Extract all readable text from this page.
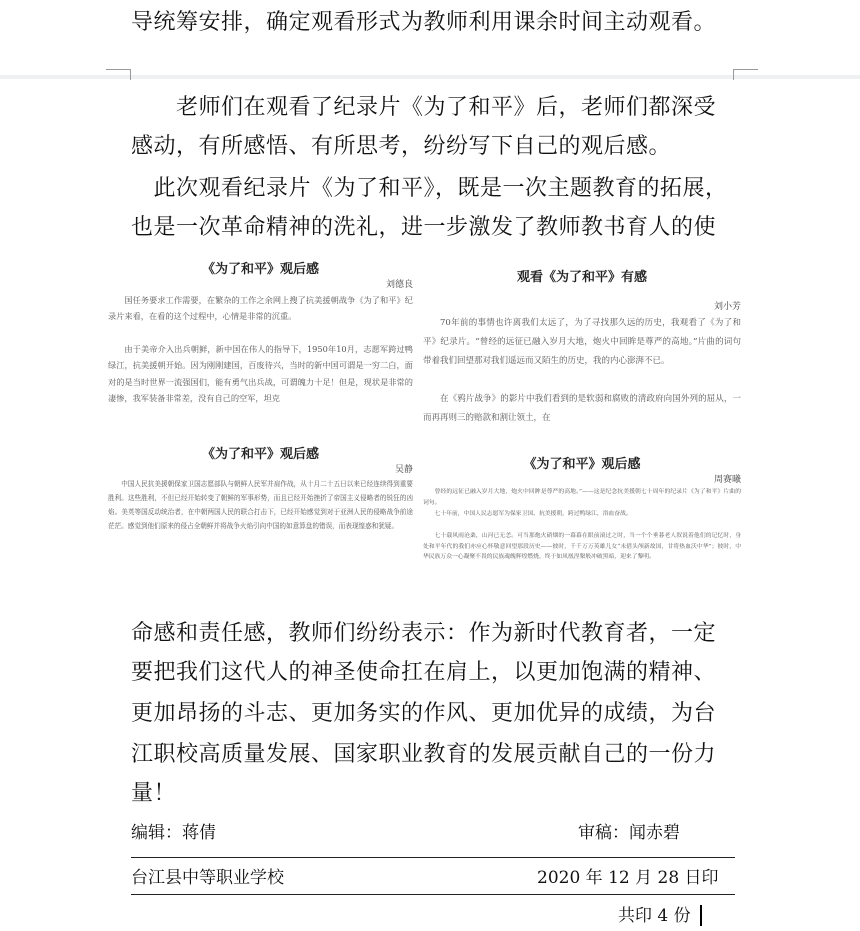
导统筹安排，确定观看形式为教师利用课余时间主动观看。
　　老师们在观看了纪录片《为了和平》后，老师们都深受
感动，有所感悟、有所思考，纷纷写下自己的观后感。
　此次观看纪录片《为了和平》，既是一次主题教育的拓展，
也是一次革命精神的洗礼，进一步激发了教师教书育人的使
《为了和平》观后感
刘德良
国任务要求工作需要，在繁杂的工作之余网上搜了抗美援朝战争《为了和平》纪录片来看，在看的这个过程中，心情是非常的沉重。
由于美帝介入出兵朝鲜，新中国在伟人的指导下，1950年10月，志愿军跨过鸭绿江，抗美援朝开始。因为刚刚建国，百废待兴，当时的新中国可谓是一穷二白，面对的是当时世界一流强国们，能有勇气出兵战，可谓魄力十足！但是，现状是非常的凄惨，我军装备非常差，没有自己的空军，坦克
观看《为了和平》有感
刘小芳
70年前的事情也许离我们太远了，为了寻找那久远的历史，我观看了《为了和平》纪录片。“曾经的远征已融入岁月大地，炮火中回眸是尊严的高地。”片曲的词句带着我们回望那对我们遥远而又陌生的历史，我的内心澎湃不已。
在《鸦片战争》的影片中我们看到的是软弱和腐败的清政府向国外列的屈从，一而再再则三的赔款和割让领土，在
《为了和平》观后感
吴静
中国人民抗美援朝保家卫国志愿部队与朝鲜人民军并肩作战，从十月二十五日以来已经连续得到重要胜利。这些胜利，不但已经开始转变了朝鲜的军事形势，而且已经开始挫折了帝国主义侵略者的锐狂的凶焰。美英等国反动统治者，在中朝两国人民的联合打击下，已经开始感觉到对于亚洲人民的侵略战争前途茫茫。感觉到他们原来的侵占全朝鲜并将战争火焰引向中国的如意算盘的错误，而表现惶惑和犹疑。
《为了和平》观后感
周赛曦
曾经的远征已融入岁月大地，炮火中回眸是尊严的高地。”——这是纪念抗美援朝七十周年的纪录片《为了和平》片曲的词句。
七十年前，中国人民志愿军为保家卫国、抗美援朝，跨过鸭绿江，浴血奋战。
七十载风雨沧桑，山河已无恙。可当那炮火硝烟的一幕幕在眼前滚过之时，当一个个垂暮老人叙说着他们的记忆时，身处和平年代的我们亦应心怀敬意回望那段历史——彼时，千千万万英雄儿女“未借头颅新故国，甘将热血沃中华”；彼时，中华民族万众一心凝聚不畏的民族魂魄辉煌燃烧，终于如凤凰涅槃般冲破黑暗，迎来了黎明。
命感和责任感，教师们纷纷表示：作为新时代教育者，一定
要把我们这代人的神圣使命扛在肩上，以更加饱满的精神、
更加昂扬的斗志、更加务实的作风、更加优异的成绩，为台
江职校高质量发展、国家职业教育的发展贡献自己的一份力
量！
编辑：蒋倩	审稿：闻赤碧
台江县中等职业学校	2020 年 12 月 28 日印
共印 4 份
